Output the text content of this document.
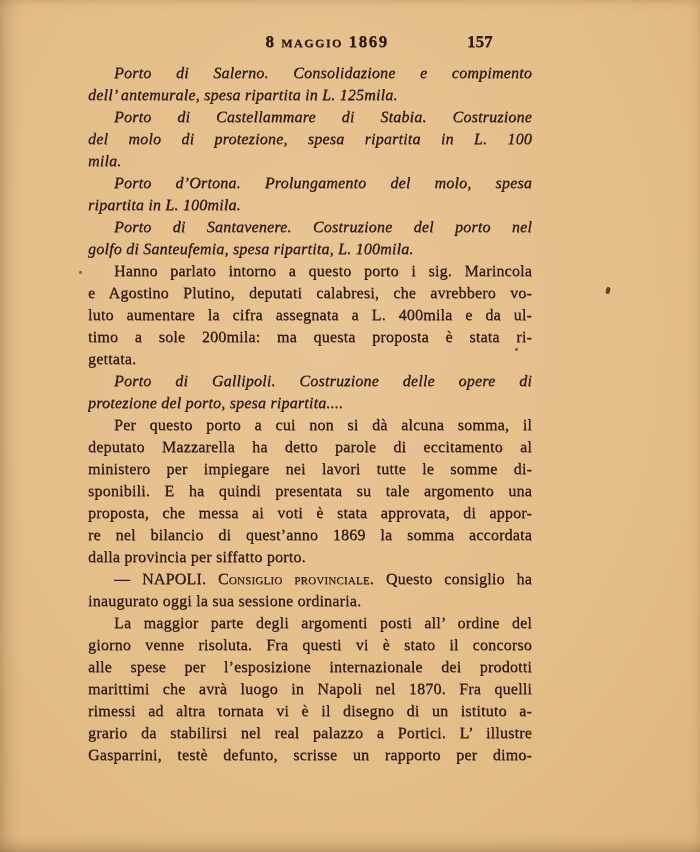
8 maggio 1869	157
Porto di Salerno. Consolidazione e compimento
dell’ antemurale, spesa ripartita in L. 125mila.
Porto di Castellammare di Stabia. Costruzione
del molo di protezione, spesa ripartita in L. 100
mila.
Porto d’Ortona. Prolungamento del molo, spesa
ripartita in L. 100mila.
Porto di Santavenere. Costruzione del porto nel
golfo di Santeufemia, spesa ripartita, L. 100mila.
Hanno parlato intorno a questo porto i sig. Marincola
e Agostino Plutino, deputati calabresi, che avrebbero vo-
luto aumentare la cifra assegnata a L. 400mila e da ul-
timo a sole 200mila: ma questa proposta è stata ri-
gettata.
Porto di Gallipoli. Costruzione delle opere di
protezione del porto, spesa ripartita....
Per questo porto a cui non si dà alcuna somma, il
deputato Mazzarella ha detto parole di eccitamento al
ministero per impiegare nei lavori tutte le somme di-
sponibili. E ha quindi presentata su tale argomento una
proposta, che messa ai voti è stata approvata, di appor-
re nel bilancio di quest’anno 1869 la somma accordata
dalla provincia per siffatto porto.
— NAPOLI. Consiglio provinciale. Questo consiglio ha
inaugurato oggi la sua sessione ordinaria.
La maggior parte degli argomenti posti all’ ordine del
giorno venne risoluta. Fra questi vi è stato il concorso
alle spese per l’esposizione internazionale dei prodotti
marittimi che avrà luogo in Napoli nel 1870. Fra quelli
rimessi ad altra tornata vi è il disegno di un istituto a-
grario da stabilirsi nel real palazzo a Portici. L’ illustre
Gasparrini, testè defunto, scrisse un rapporto per dimo-
